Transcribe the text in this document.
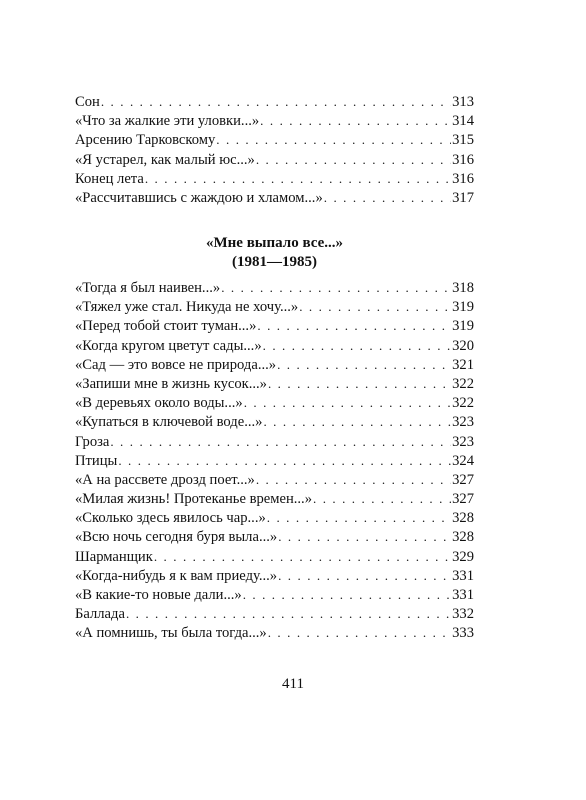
Сон . . .	313
«Что за жалкие эти уловки...» . . .	314
Арсению Тарковскому . . .	315
«Я устарел, как малый юс...» . . .	316
Конец лета . . .	316
«Рассчитавшись с жаждою и хламом...» . . .	317
«Мне выпало все...»
(1981—1985)
«Тогда я был наивен...» . . .	318
«Тяжел уже стал. Никуда не хочу...» . . .	319
«Перед тобой стоит туман...» . . .	319
«Когда кругом цветут сады...» . . .	320
«Сад — это вовсе не природа...» . . .	321
«Запиши мне в жизнь кусок...» . . .	322
«В деревьях около воды...» . . .	322
«Купаться в ключевой воде...» . . .	323
Гроза . . .	323
Птицы . . .	324
«А на рассвете дрозд поет...» . . .	327
«Милая жизнь! Протеканье времен...» . . .	327
«Сколько здесь явилось чар...» . . .	328
«Всю ночь сегодня буря выла...» . . .	328
Шарманщик . . .	329
«Когда-нибудь я к вам приеду...» . . .	331
«В какие-то новые дали...» . . .	331
Баллада . . .	332
«А помнишь, ты была тогда...» . . .	333
411
